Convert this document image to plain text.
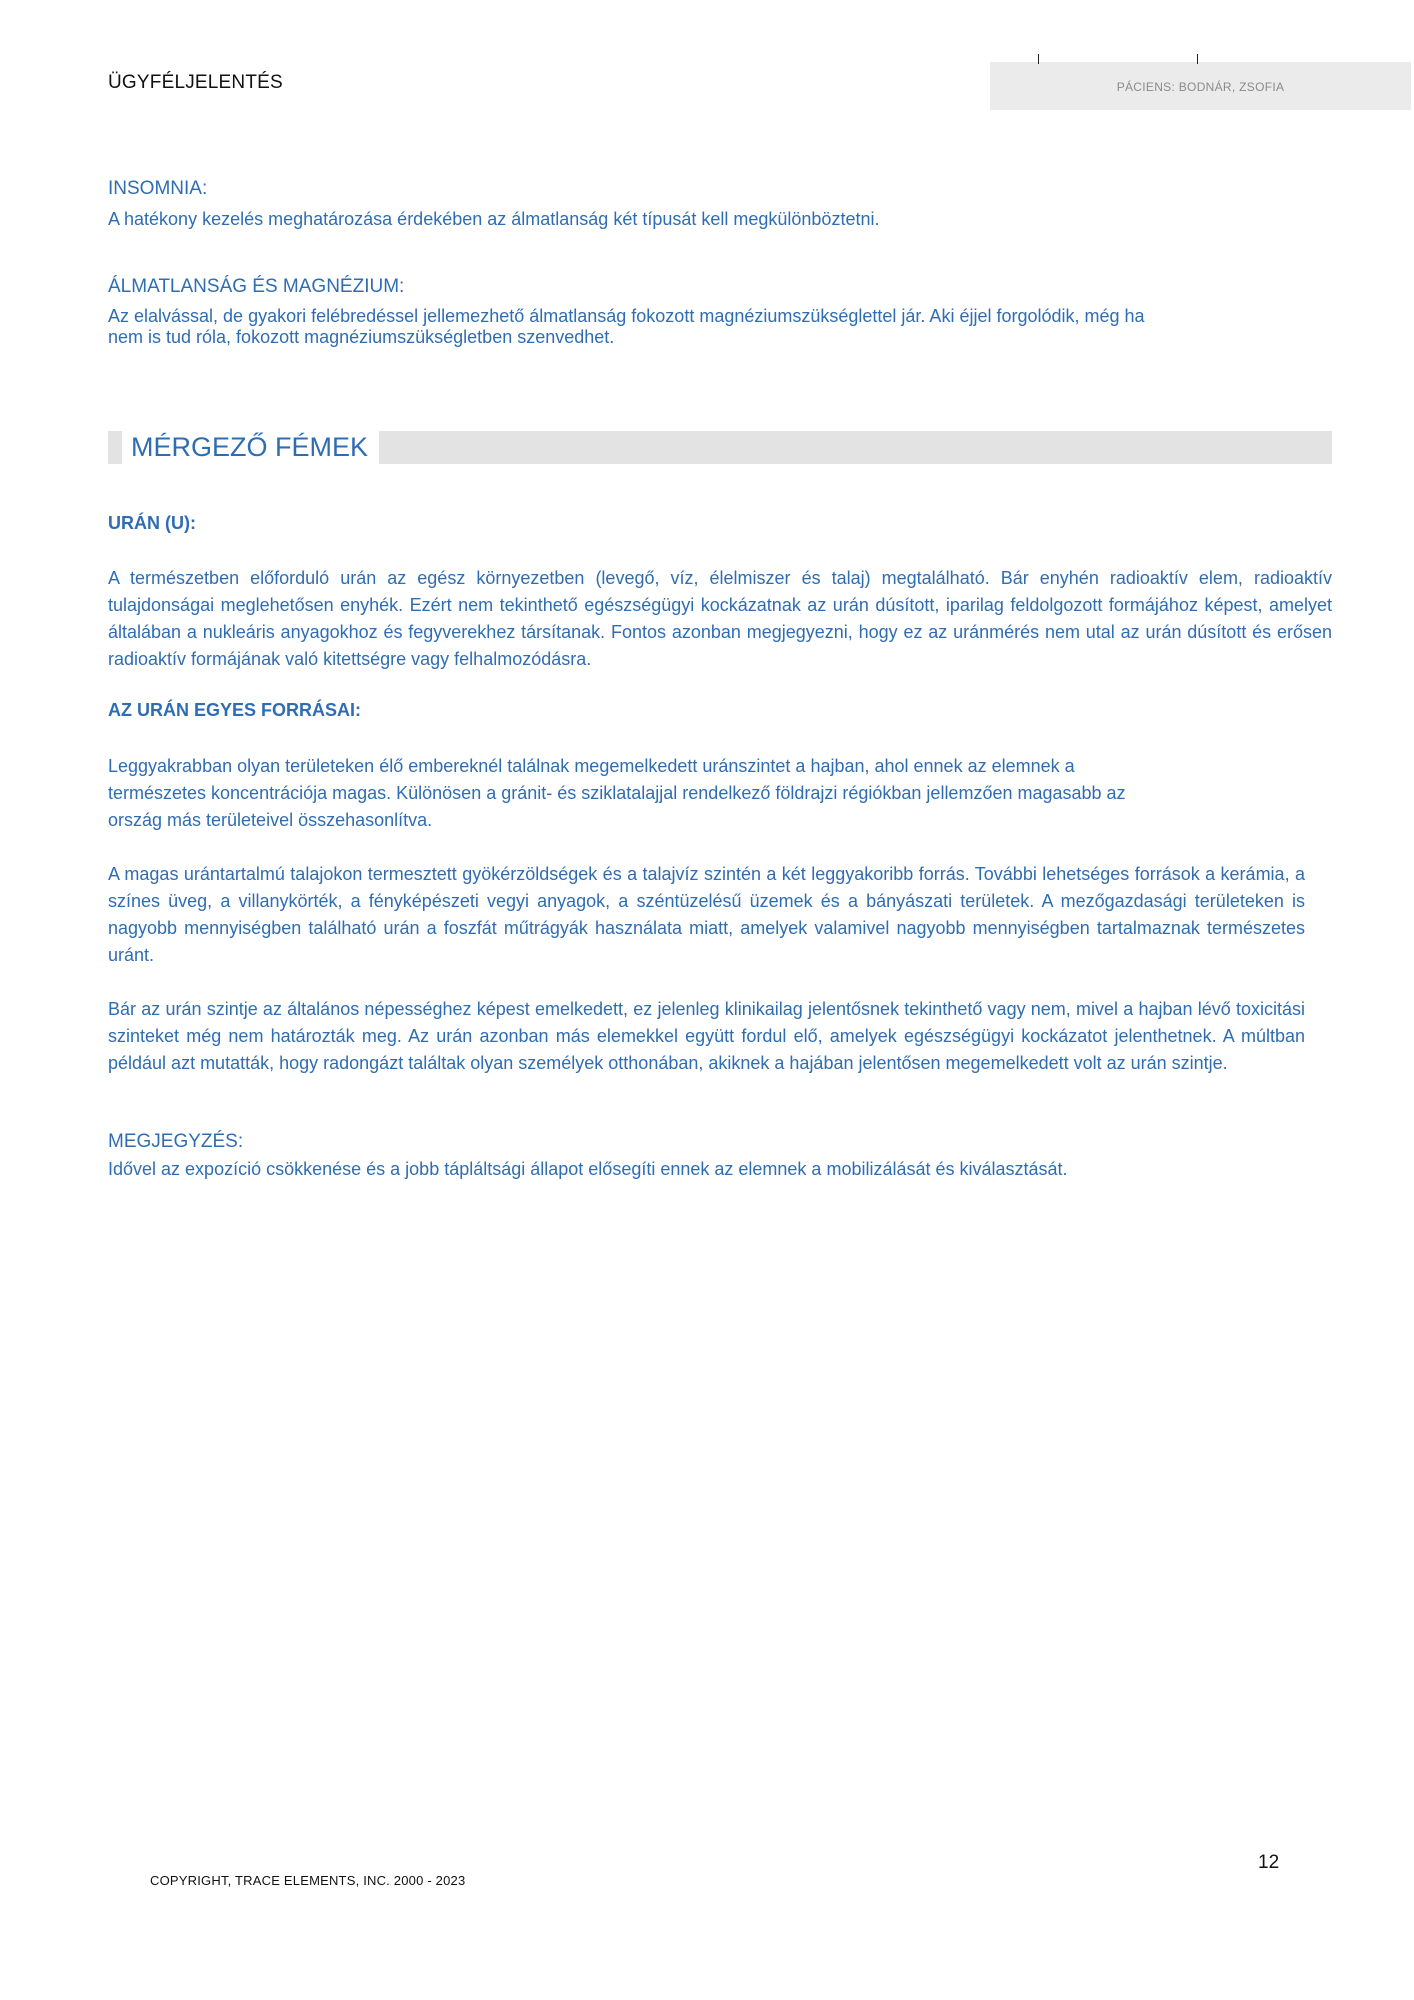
ÜGYFÉLJELENTÉS	PÁCIENS: BODNÁR, ZSOFIA
INSOMNIA:
A hatékony kezelés meghatározása érdekében az álmatlanság két típusát kell megkülönböztetni.
ÁLMATLANSÁG ÉS MAGNÉZIUM:
Az elalvással, de gyakori felébredéssel jellemezhető álmatlanság fokozott magnéziumszükséglettel jár. Aki éjjel forgolódik, még ha
nem is tud róla, fokozott magnéziumszükségletben szenvedhet.
MÉRGEZŐ FÉMEK
URÁN (U):
A természetben előforduló urán az egész környezetben (levegő, víz, élelmiszer és talaj) megtalálható. Bár enyhén radioaktív elem, radioaktív tulajdonságai meglehetősen enyhék. Ezért nem tekinthető egészségügyi kockázatnak az urán dúsított, iparilag feldolgozott formájához képest, amelyet általában a nukleáris anyagokhoz és fegyverekhez társítanak. Fontos azonban megjegyezni, hogy ez az uránmérés nem utal az urán dúsított és erősen radioaktív formájának való kitettségre vagy felhalmozódásra.
AZ URÁN EGYES FORRÁSAI:
Leggyakrabban olyan területeken élő embereknél találnak megemelkedett uránszintet a hajban, ahol ennek az elemnek a
természetes koncentrációja magas. Különösen a gránit- és sziklatalajjal rendelkező földrajzi régiókban jellemzően magasabb az
ország más területeivel összehasonlítva.
A magas urántartalmú talajokon termesztett gyökérzöldségek és a talajvíz szintén a két leggyakoribb forrás. További lehetséges források a kerámia, a színes üveg, a villanykörték, a fényképészeti vegyi anyagok, a széntüzelésű üzemek és a bányászati területek. A mezőgazdasági területeken is nagyobb mennyiségben található urán a foszfát műtrágyák használata miatt, amelyek valamivel nagyobb mennyiségben tartalmaznak természetes uránt.
Bár az urán szintje az általános népességhez képest emelkedett, ez jelenleg klinikailag jelentősnek tekinthető vagy nem, mivel a hajban lévő toxicitási szinteket még nem határozták meg. Az urán azonban más elemekkel együtt fordul elő, amelyek egészségügyi kockázatot jelenthetnek. A múltban például azt mutatták, hogy radongázt találtak olyan személyek otthonában, akiknek a hajában jelentősen megemelkedett volt az urán szintje.
MEGJEGYZÉS:
Idővel az expozíció csökkenése és a jobb tápláltsági állapot elősegíti ennek az elemnek a mobilizálását és kiválasztását.
12
COPYRIGHT, TRACE ELEMENTS, INC. 2000 - 2023
